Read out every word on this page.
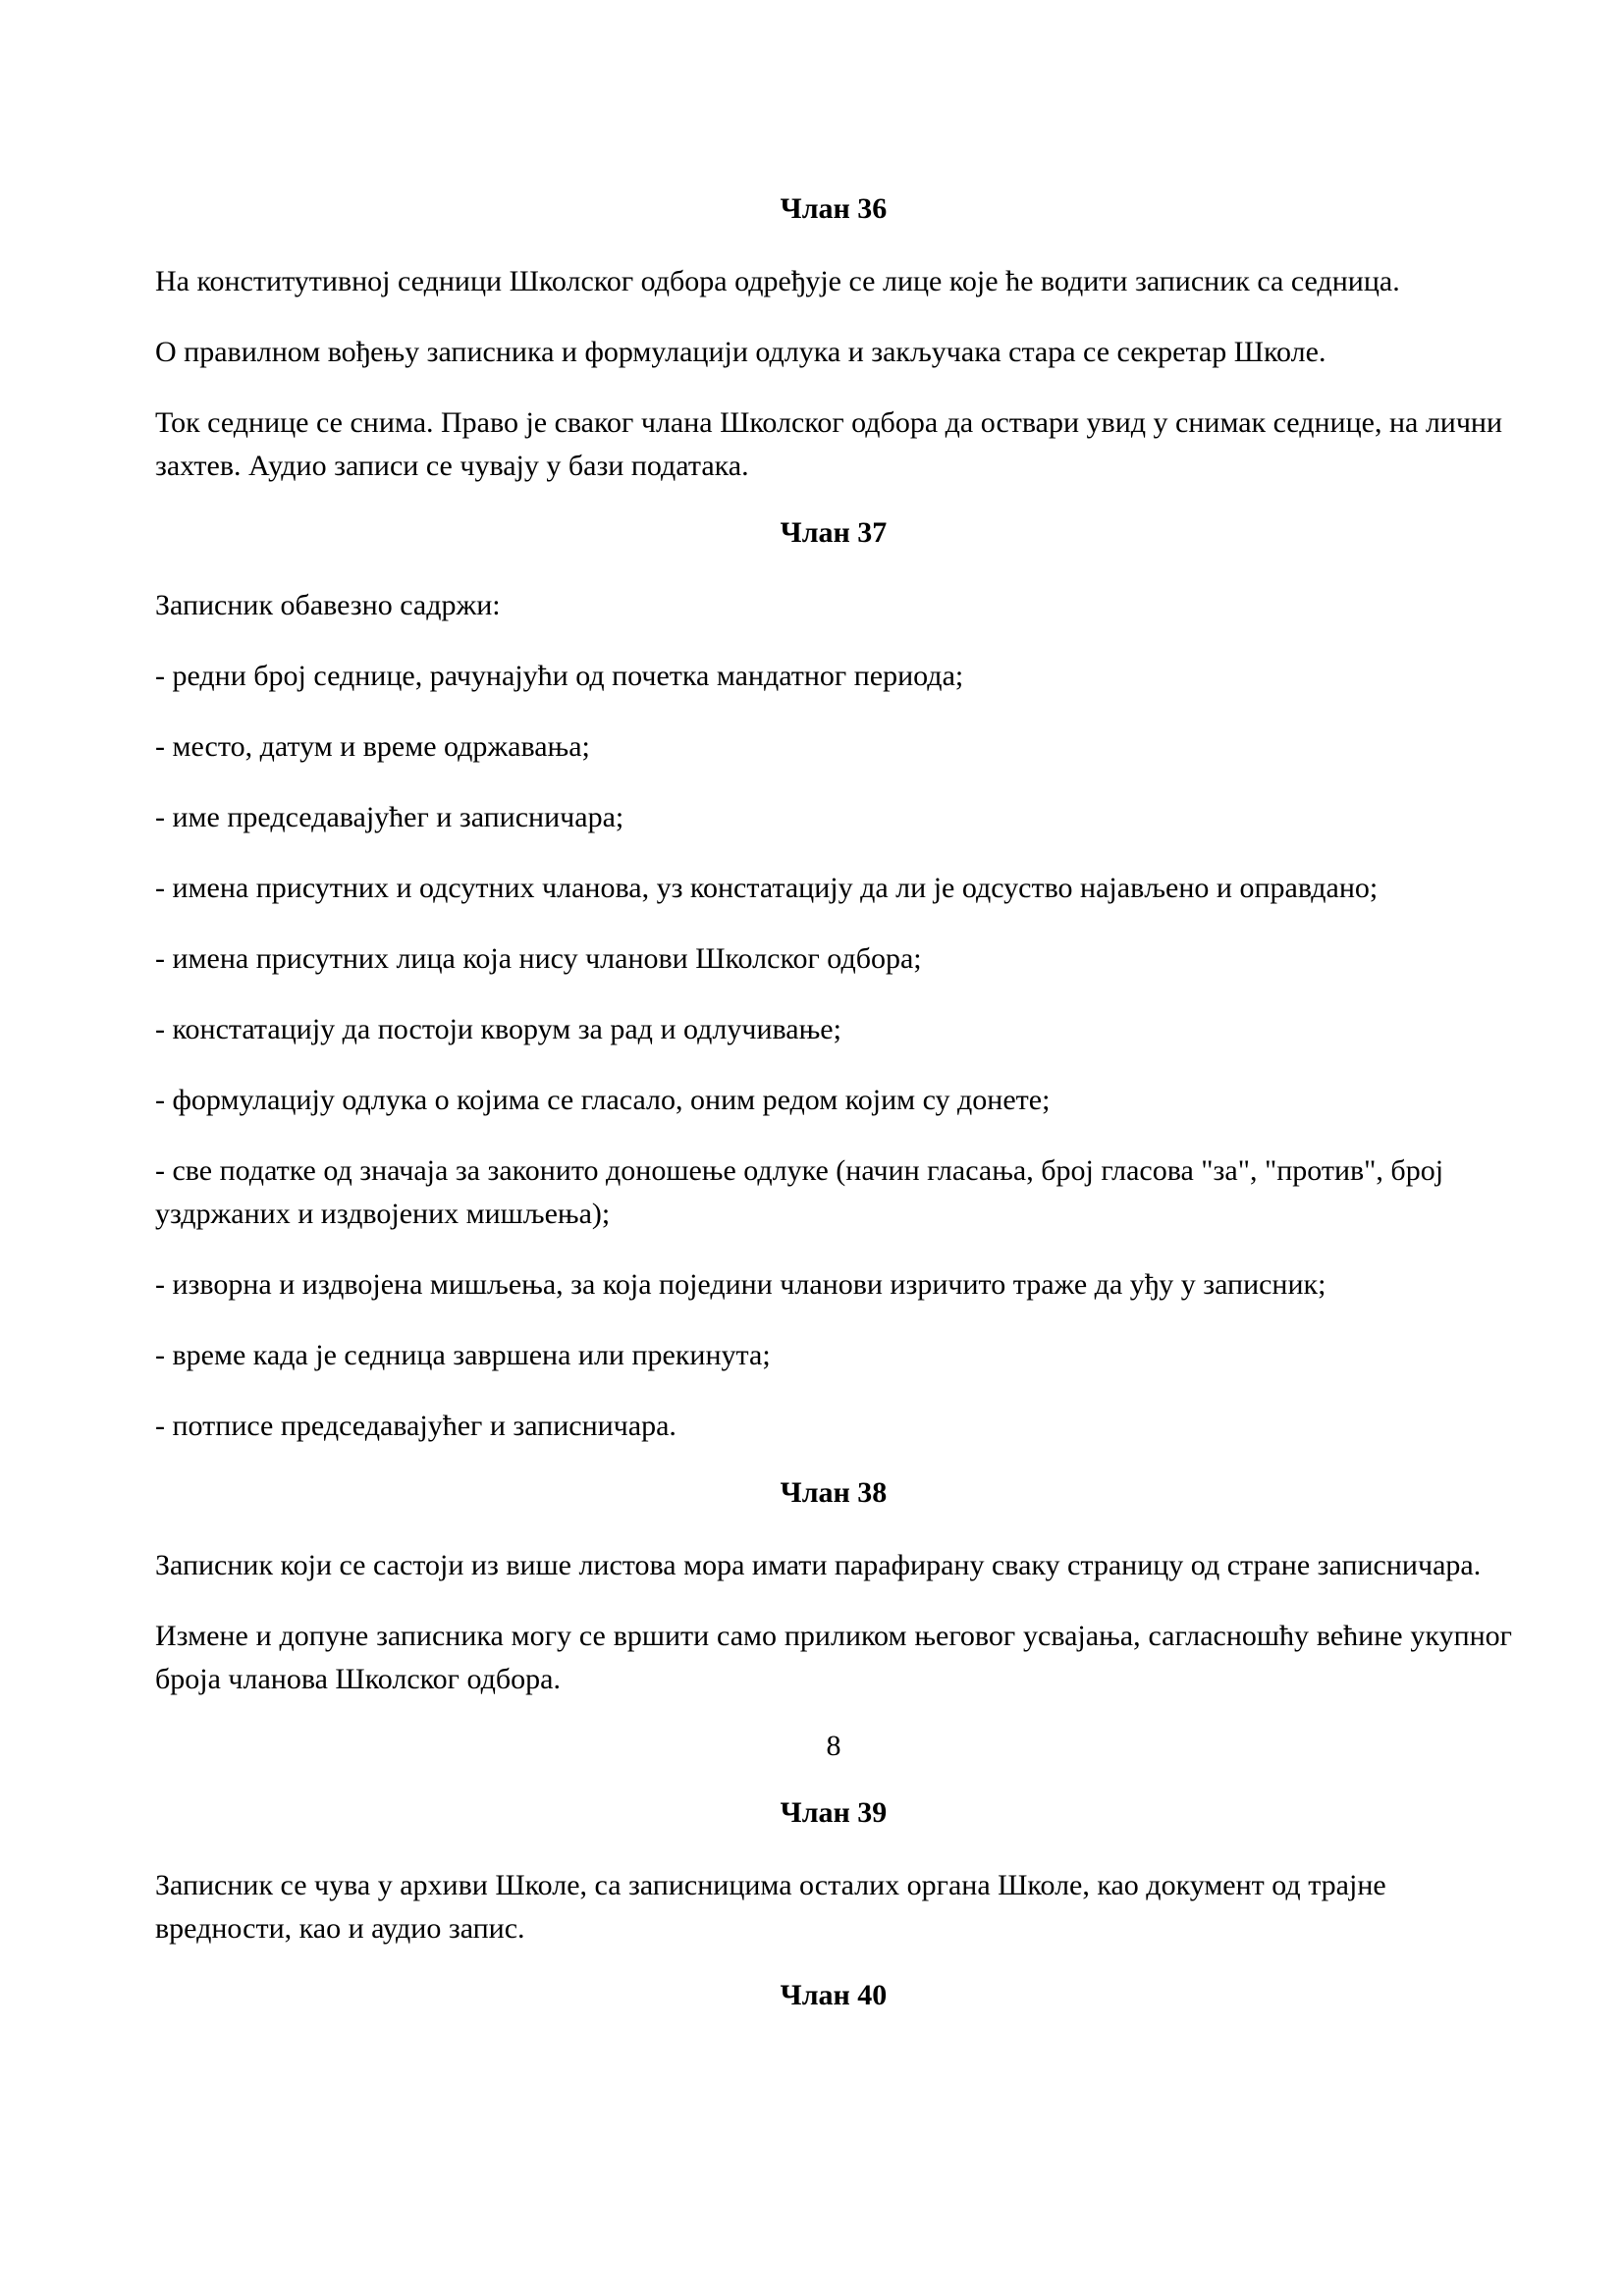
Члан 36

На конститутивној седници Школског одбора одређује се лице које ће водити записник са седница.

О правилном вођењу записника и формулацији одлука и закључака стара се секретар Школе.

Ток седнице се снима. Право је сваког члана Школског одбора да оствари увид у снимак седнице, на лични захтев. Аудио записи се чувају у бази података.

Члан 37

Записник обавезно садржи:

- редни број седнице, рачунајући од почетка мандатног периода;

- место, датум и време одржавања;

- име председавајућег и записничара;

- имена присутних и одсутних чланова, уз констатацију да ли је одсуство најављено и оправдано;

- имена присутних лица која нису чланови Школског одбора;

- констатацију да постоји кворум за рад и одлучивање;

- формулацију одлука о којима се гласало, оним редом којим су донете;

- све податке од значаја за законито доношење одлуке (начин гласања, број гласова "за", "против", број уздржаних и издвојених мишљења);

- изворна и издвојена мишљења, за која поједини чланови изричито траже да уђу у записник;

- време када је седница завршена или прекинута;

- потписе председавајућег и записничара.

Члан 38

Записник који се састоји из више листова мора имати парафирану сваку страницу од стране записничара.

Измене и допуне записника могу се вршити само приликом његовог усвајања, сагласношћу већине укупног броја чланова Школског одбора.

8
Члан 39

Записник се чува у архиви Школе, са записницима осталих органа Школе, као документ од трајне вредности, као и аудио запис.

Члан 40
